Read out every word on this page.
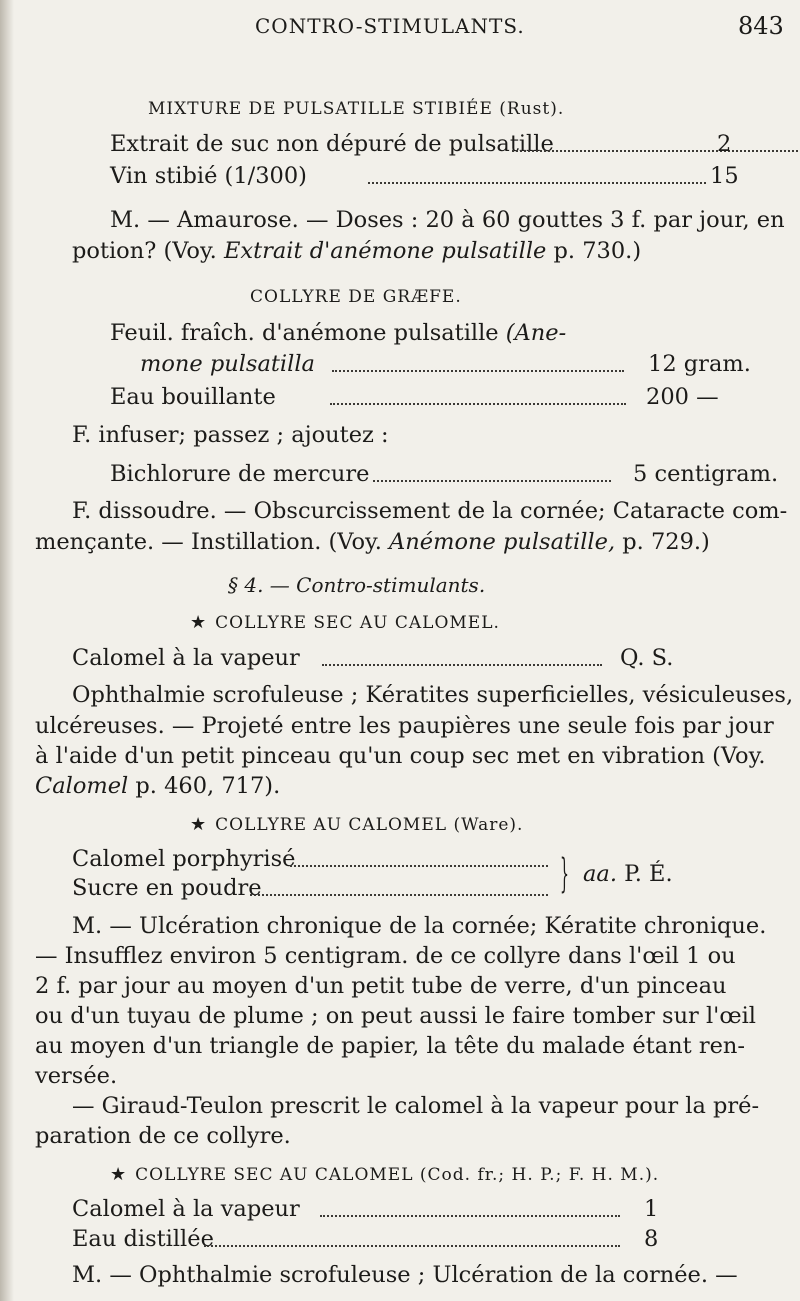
CONTRO-STIMULANTS.	843
MIXTURE DE PULSATILLE STIBIÉE (Rust).
Extrait de suc non dépuré de pulsatille	2
Vin stibié (1/300)	15
M. — Amaurose. — Doses : 20 à 60 gouttes 3 f. par jour, en
potion? (Voy. Extrait d'anémone pulsatille p. 730.)
COLLYRE DE GRÆFE.
Feuil. fraîch. d'anémone pulsatille (Ane-
mone pulsatilla	12 gram.
Eau bouillante	200 —
F. infuser; passez ; ajoutez :
Bichlorure de mercure	5 centigram.
F. dissoudre. — Obscurcissement de la cornée; Cataracte com-
mençante. — Instillation. (Voy. Anémone pulsatille, p. 729.)
§ 4. — Contro-stimulants.
★ COLLYRE SEC AU CALOMEL.
Calomel à la vapeur	Q. S.
Ophthalmie scrofuleuse ; Kératites superficielles, vésiculeuses,
ulcéreuses. — Projeté entre les paupières une seule fois par jour
à l'aide d'un petit pinceau qu'un coup sec met en vibration (Voy.
Calomel p. 460, 717).
★ COLLYRE AU CALOMEL (Ware).
Calomel porphyrisé
Sucre en poudre	} aa. P. É.
M. — Ulcération chronique de la cornée; Kératite chronique.
— Insufflez environ 5 centigram. de ce collyre dans l'œil 1 ou
2 f. par jour au moyen d'un petit tube de verre, d'un pinceau
ou d'un tuyau de plume ; on peut aussi le faire tomber sur l'œil
au moyen d'un triangle de papier, la tête du malade étant ren-
versée.
— Giraud-Teulon prescrit le calomel à la vapeur pour la pré-
paration de ce collyre.
★ COLLYRE SEC AU CALOMEL (Cod. fr.; H. P.; F. H. M.).
Calomel à la vapeur	1
Eau distillée	8
M. — Ophthalmie scrofuleuse ; Ulcération de la cornée. —
